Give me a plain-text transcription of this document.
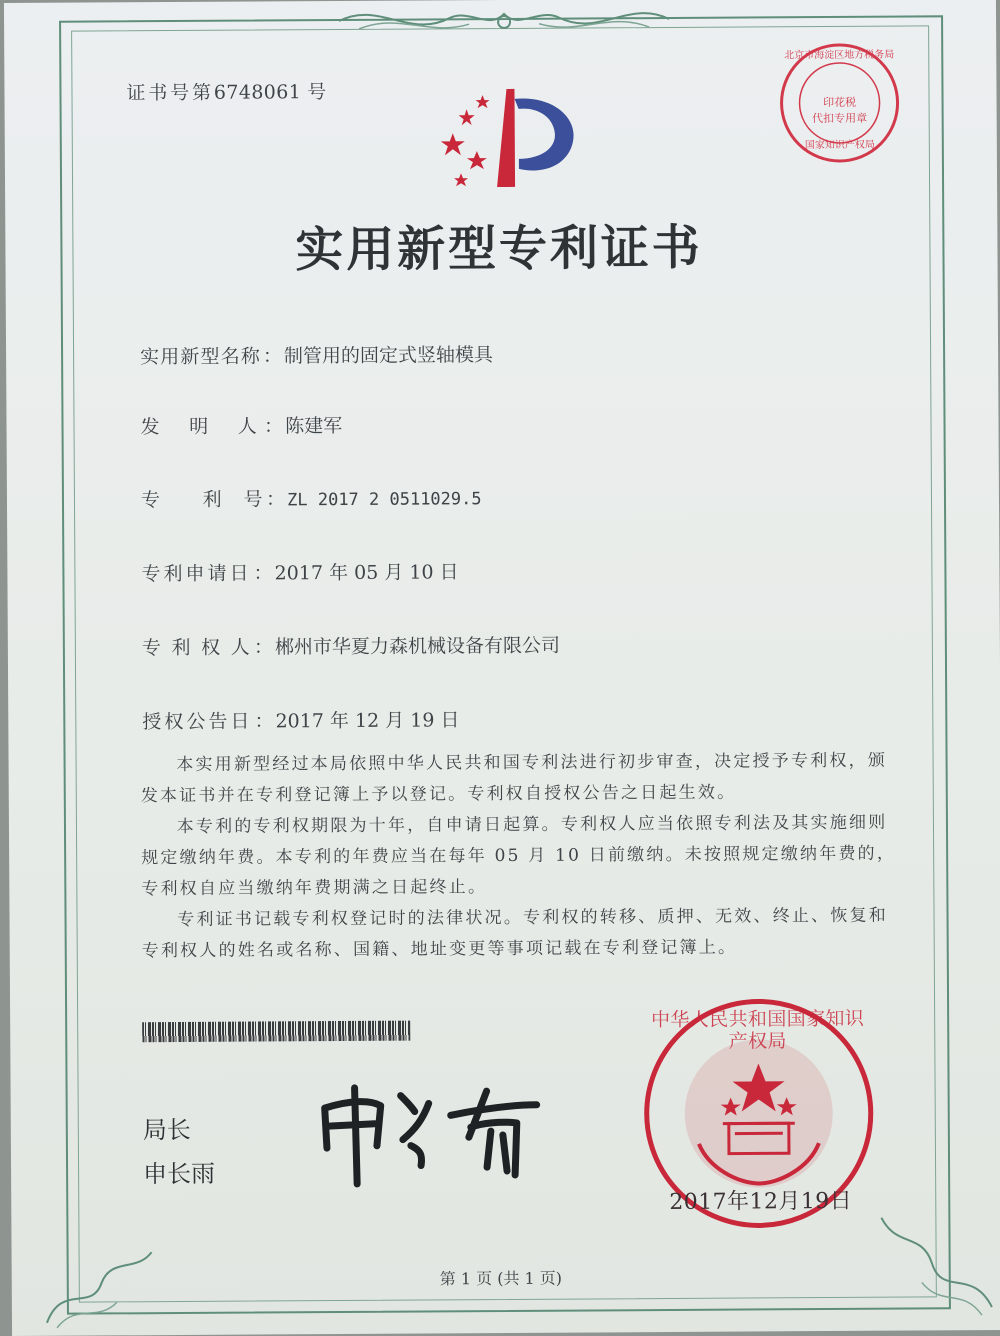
证书号第6748061 号
实用新型专利证书
实用新型名称：制管用的固定式竖轴模具
发　明　人：陈建军
专　　利　号： ZL 2017 2 0511029.5
专利申请日：2017 年 05 月 10 日
专 利 权 人：郴州市华夏力森机械设备有限公司
授权公告日：2017 年 12 月 19 日

本实用新型经过本局依照中华人民共和国专利法进行初步审查，决定授予专利权，颁发本证书并在专利登记簿上予以登记。专利权自授权公告之日起生效。

本专利的专利权期限为十年，自申请日起算。专利权人应当依照专利法及其实施细则规定缴纳年费。本专利的年费应当在每年 05 月 10 日前缴纳。未按照规定缴纳年费的，专利权自应当缴纳年费期满之日起终止。

专利证书记载专利权登记时的法律状况。专利权的转移、质押、无效、终止、恢复和专利权人的姓名或名称、国籍、地址变更等事项记载在专利登记簿上。

局长
申长雨
中华人民共和国国家知识产权局
2017年12月19日
北京市海淀区地方税务局
印花税
代扣专用章
国家知识产权局
第 1 页 (共 1 页)
